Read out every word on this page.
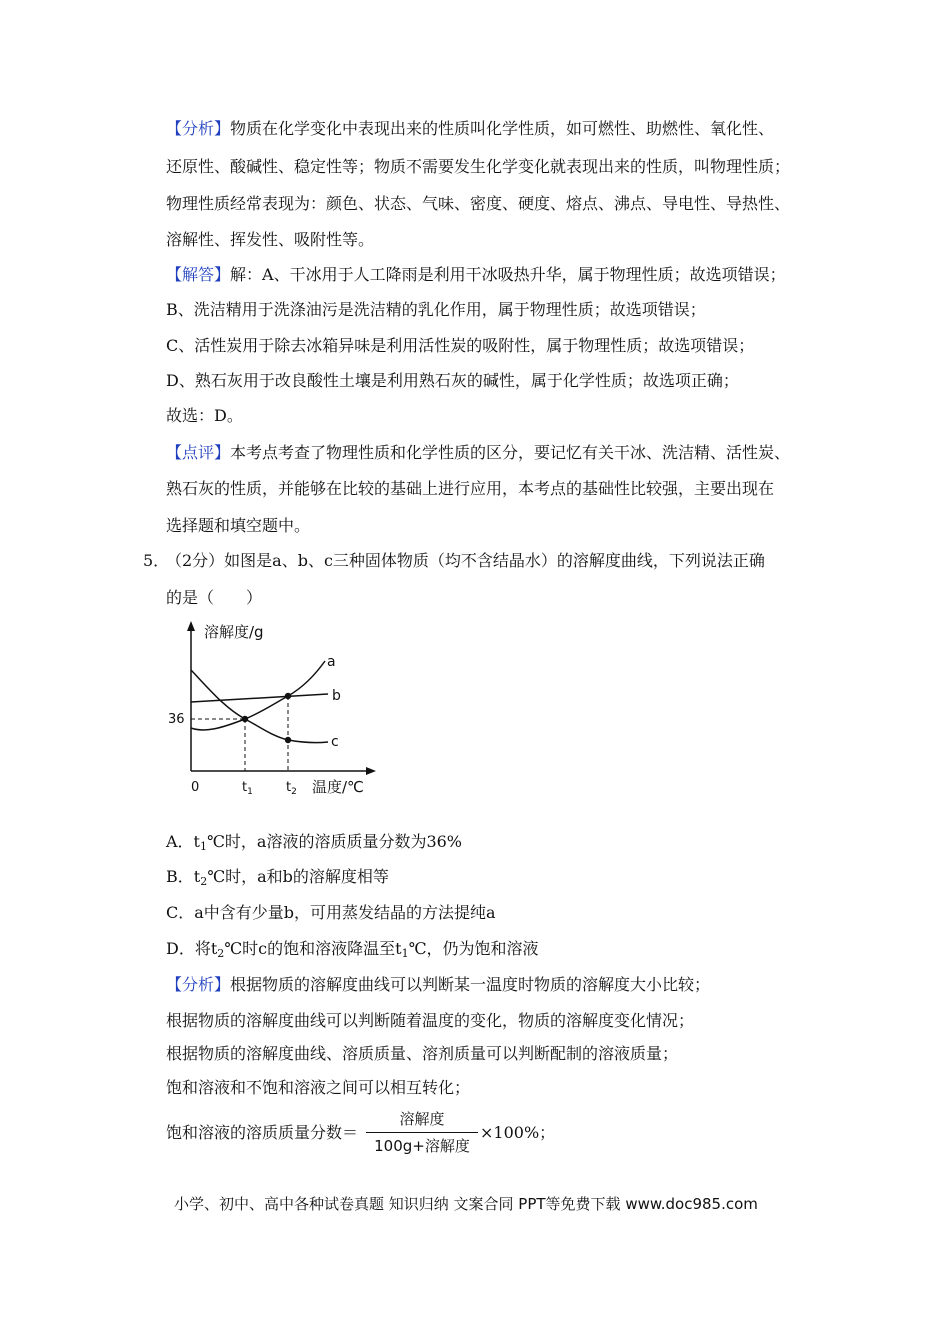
【分析】物质在化学变化中表现出来的性质叫化学性质，如可燃性、助燃性、氧化性、
还原性、酸碱性、稳定性等；物质不需要发生化学变化就表现出来的性质，叫物理性质；
物理性质经常表现为：颜色、状态、气味、密度、硬度、熔点、沸点、导电性、导热性、
溶解性、挥发性、吸附性等。
【解答】解：A、干冰用于人工降雨是利用干冰吸热升华，属于物理性质；故选项错误；
B、洗洁精用于洗涤油污是洗洁精的乳化作用，属于物理性质；故选项错误；
C、活性炭用于除去冰箱异味是利用活性炭的吸附性，属于物理性质；故选项错误；
D、熟石灰用于改良酸性土壤是利用熟石灰的碱性，属于化学性质；故选项正确；
故选：D。
【点评】本考点考查了物理性质和化学性质的区分，要记忆有关干冰、洗洁精、活性炭、
熟石灰的性质，并能够在比较的基础上进行应用，本考点的基础性比较强，主要出现在
选择题和填空题中。
5．
（2分）如图是a、b、c三种固体物质（均不含结晶水）的溶解度曲线，下列说法正确
的是（　　）
溶解度/g
温度/℃
36
0	$t_1$	$t_2$
a
b
c
A．$t_1℃$时，a溶液的溶质质量分数为36%
B．$t_2℃$时，a和b的溶解度相等
C．a中含有少量b，可用蒸发结晶的方法提纯a
D．将$t_2℃$时c的饱和溶液降温至$t_1℃$，仍为饱和溶液
【分析】根据物质的溶解度曲线可以判断某一温度时物质的溶解度大小比较；
根据物质的溶解度曲线可以判断随着温度的变化，物质的溶解度变化情况；
根据物质的溶解度曲线、溶质质量、溶剂质量可以判断配制的溶液质量；
饱和溶液和不饱和溶液之间可以相互转化；
饱和溶液的溶质质量分数＝
溶解度
100g+溶解度
×100%；
小学、初中、高中各种试卷真题 知识归纳 文案合同 PPT等免费下载 www.doc985.com
